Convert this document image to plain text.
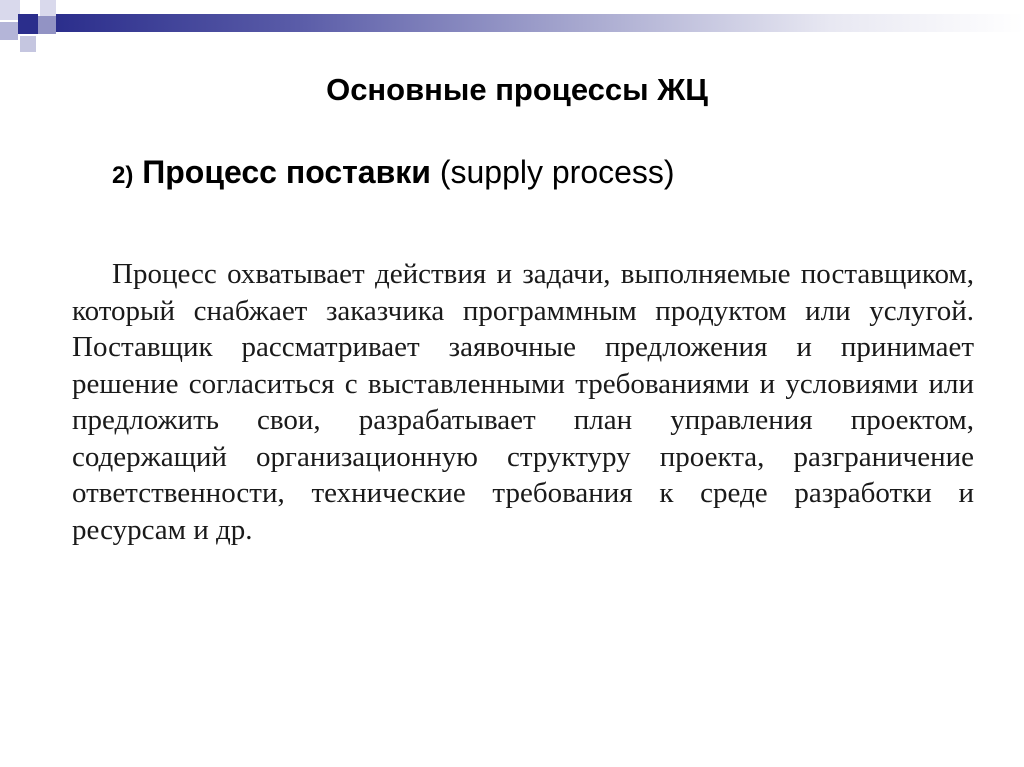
Основные процессы ЖЦ

2) Процесс поставки (supply process)

Процесс охватывает действия и задачи, выполняемые поставщиком, который снабжает заказчика программным продуктом или услугой. Поставщик рассматривает заявочные предложения и принимает решение согласиться с выставленными требованиями и условиями или предложить свои, разрабатывает план управления проектом, содержащий организационную структуру проекта, разграничение ответственности, технические требования к среде разработки и ресурсам и др.
